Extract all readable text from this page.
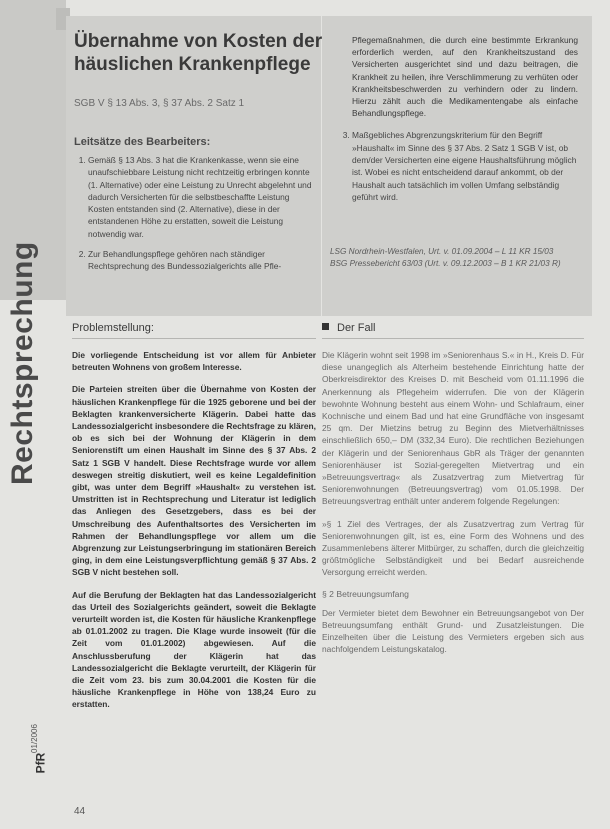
Rechtsprechung
Übernahme von Kosten der häuslichen Krankenpflege
SGB V § 13 Abs. 3, § 37 Abs. 2 Satz 1
Leitsätze des Bearbeiters:
1. Gemäß § 13 Abs. 3 hat die Krankenkasse, wenn sie eine unaufschiebbare Leistung nicht rechtzeitig erbringen konnte (1. Alternative) oder eine Leistung zu Unrecht abgelehnt und dadurch Versicherten für die selbstbeschaffte Leistung Kosten entstanden sind (2. Alternative), diese in der entstandenen Höhe zu erstatten, soweit die Leistung notwendig war.
2. Zur Behandlungspflege gehören nach ständiger Rechtsprechung des Bundessozialgerichts alle Pfle-
Pflegemaßnahmen, die durch eine bestimmte Erkrankung erforderlich werden, auf den Krankheitszustand des Versicherten ausgerichtet sind und dazu beitragen, die Krankheit zu heilen, ihre Verschlimmerung zu verhüten oder Krankheitsbeschwerden zu verhindern oder zu lindern. Hierzu zählt auch die Medikamentengabe als einfache Behandlungspflege.
3. Maßgebliches Abgrenzungskriterium für den Begriff »Haushalt« im Sinne des § 37 Abs. 2 Satz 1 SGB V ist, ob dem/der Versicherten eine eigene Haushaltsführung möglich ist. Wobei es nicht entscheidend darauf ankommt, ob der Haushalt auch tatsächlich im vollen Umfang selbständig geführt wird.
LSG Nordrhein-Westfalen, Urt. v. 01.09.2004 – L 11 KR 15/03
BSG Pressebericht 63/03 (Urt. v. 09.12.2003 – B 1 KR 21/03 R)
Problemstellung:

Die vorliegende Entscheidung ist vor allem für Anbieter betreuten Wohnens von großem Interesse.

Die Parteien streiten über die Übernahme von Kosten der häuslichen Krankenpflege für die 1925 geborene und bei der Beklagten krankenversicherte Klägerin. Dabei hatte das Landessozialgericht insbesondere die Rechtsfrage zu klären, ob es sich bei der Wohnung der Klägerin in dem Seniorenstift um einen Haushalt im Sinne des § 37 Abs. 2 Satz 1 SGB V handelt. Diese Rechtsfrage wurde vor allem deswegen streitig diskutiert, weil es keine Legaldefinition gibt, was unter dem Begriff »Haushalt« zu verstehen ist. Umstritten ist in Rechtsprechung und Literatur ist lediglich das Anliegen des Gesetzgebers, dass es bei der Umschreibung des Aufenthaltsortes des Versicherten im Rahmen der Behandlungspflege vor allem um die Abgrenzung zur Leistungserbringung im stationären Bereich ging, in dem eine Leistungsverpflichtung gemäß § 37 Abs. 2 SGB V nicht bestehen soll.

Auf die Berufung der Beklagten hat das Landessozialgericht das Urteil des Sozialgerichts geändert, soweit die Beklagte verurteilt worden ist, die Kosten für häusliche Krankenpflege ab 01.01.2002 zu tragen. Die Klage wurde insoweit (für die Zeit vom 01.01.2002) abgewiesen. Auf die Anschlussberufung der Klägerin hat das Landessozialgericht die Beklagte verurteilt, der Klägerin für die Zeit vom 23. bis zum 30.04.2001 die Kosten für die häusliche Krankenpflege in Höhe von 138,24 Euro zu erstatten.

Der Fall

Die Klägerin wohnt seit 1998 im »Seniorenhaus S.« in H., Kreis D. Für diese unangeglich als Alterheim bestehende Einrichtung hatte der Oberkreisdirektor des Kreises D. mit Bescheid vom 01.11.1996 die Anerkennung als Pflegeheim widerrufen. Die von der Klägerin bewohnte Wohnung besteht aus einem Wohn- und Schlafraum, einer Kochnische und einem Bad und hat eine Grundfläche von insgesamt 25 qm. Der Mietzins betrug zu Beginn des Mietverhältnisses einschließlich 650,– DM (332,34 Euro). Die rechtlichen Beziehungen der Klägerin und der Seniorenhaus GbR als Träger der genannten Seniorenhäuser ist Sozial-geregelten Mietvertrag und ein »Betreuungsvertrag« als Zusatzvertrag zum Mietvertrag für Seniorenwohnungen (Betreuungsvertrag) vom 01.05.1998. Der Betreuungsvertrag enthält unter anderem folgende Regelungen:

»§ 1 Ziel des Vertrages, der als Zusatzvertrag zum Vertrag für Seniorenwohnungen gilt, ist es, eine Form des Wohnens und des Zusammenlebens älterer Mitbürger, zu schaffen, durch die gleichzeitig größtmögliche Selbständigkeit und bei Bedarf ausreichende Versorgung erreicht werden.

§ 2 Betreuungsumfang

Der Vermieter bietet dem Bewohner ein Betreuungsangebot von Der Betreuungsumfang enthält Grund- und Zusatzleistungen. Die Einzelheiten über die Leistung des Vermieters ergeben sich aus nachfolgendem Leistungskatalog.

PfR
01/2006
44
